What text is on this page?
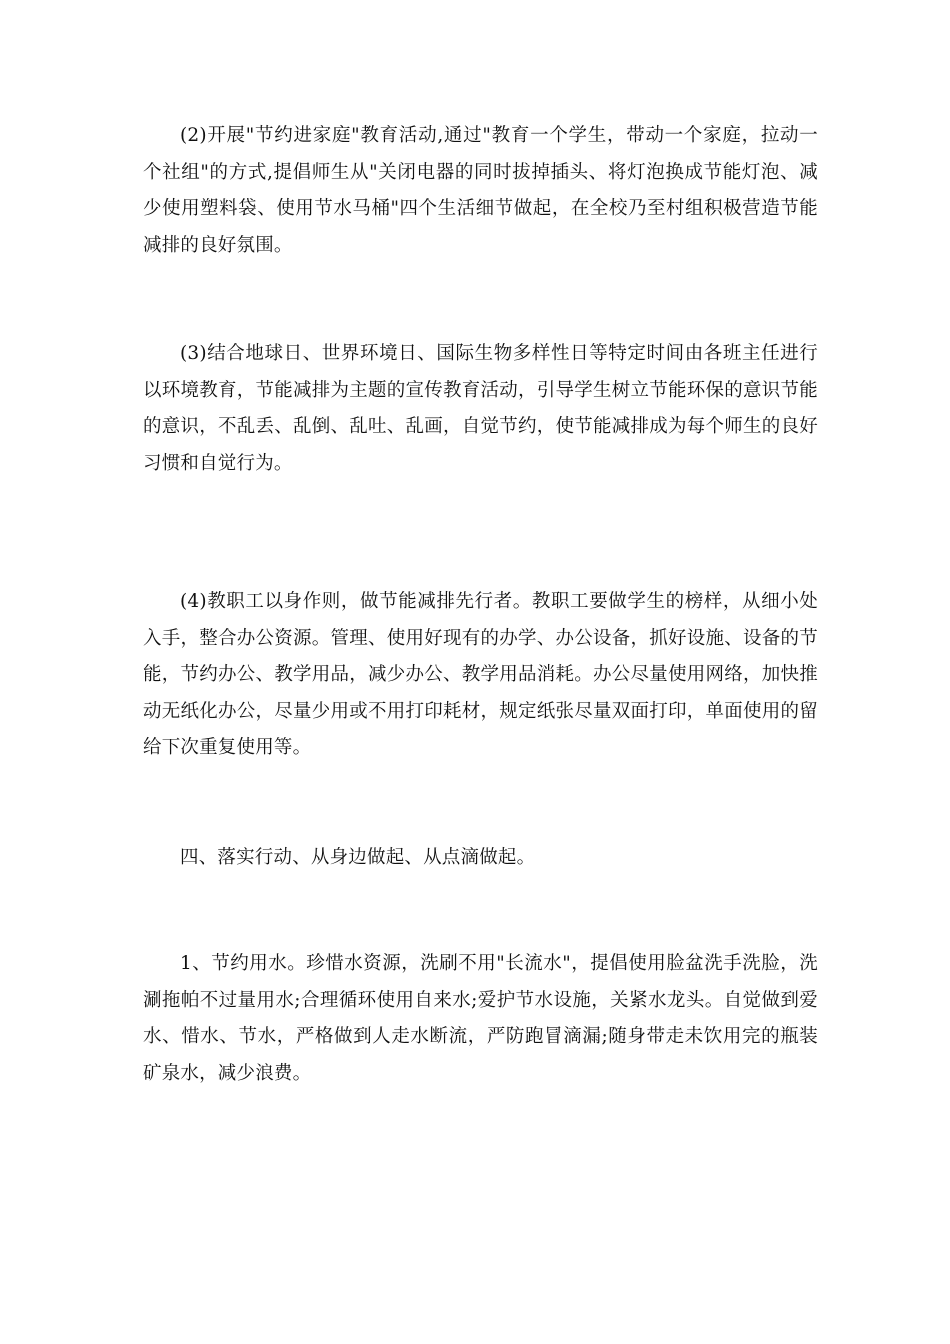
(2)开展"节约进家庭"教育活动,通过"教育一个学生，带动一个家庭，拉动一个社组"的方式,提倡师生从"关闭电器的同时拔掉插头、将灯泡换成节能灯泡、减少使用塑料袋、使用节水马桶"四个生活细节做起，在全校乃至村组积极营造节能减排的良好氛围。

(3)结合地球日、世界环境日、国际生物多样性日等特定时间由各班主任进行以环境教育，节能减排为主题的宣传教育活动，引导学生树立节能环保的意识节能的意识，不乱丢、乱倒、乱吐、乱画，自觉节约，使节能减排成为每个师生的良好习惯和自觉行为。

(4)教职工以身作则，做节能减排先行者。教职工要做学生的榜样，从细小处入手，整合办公资源。管理、使用好现有的办学、办公设备，抓好设施、设备的节能，节约办公、教学用品，减少办公、教学用品消耗。办公尽量使用网络，加快推动无纸化办公，尽量少用或不用打印耗材，规定纸张尽量双面打印，单面使用的留给下次重复使用等。

四、落实行动、从身边做起、从点滴做起。

1、节约用水。珍惜水资源，洗刷不用"长流水"，提倡使用脸盆洗手洗脸，洗涮拖帕不过量用水;合理循环使用自来水;爱护节水设施，关紧水龙头。自觉做到爱水、惜水、节水，严格做到人走水断流，严防跑冒滴漏;随身带走未饮用完的瓶装矿泉水，减少浪费。
